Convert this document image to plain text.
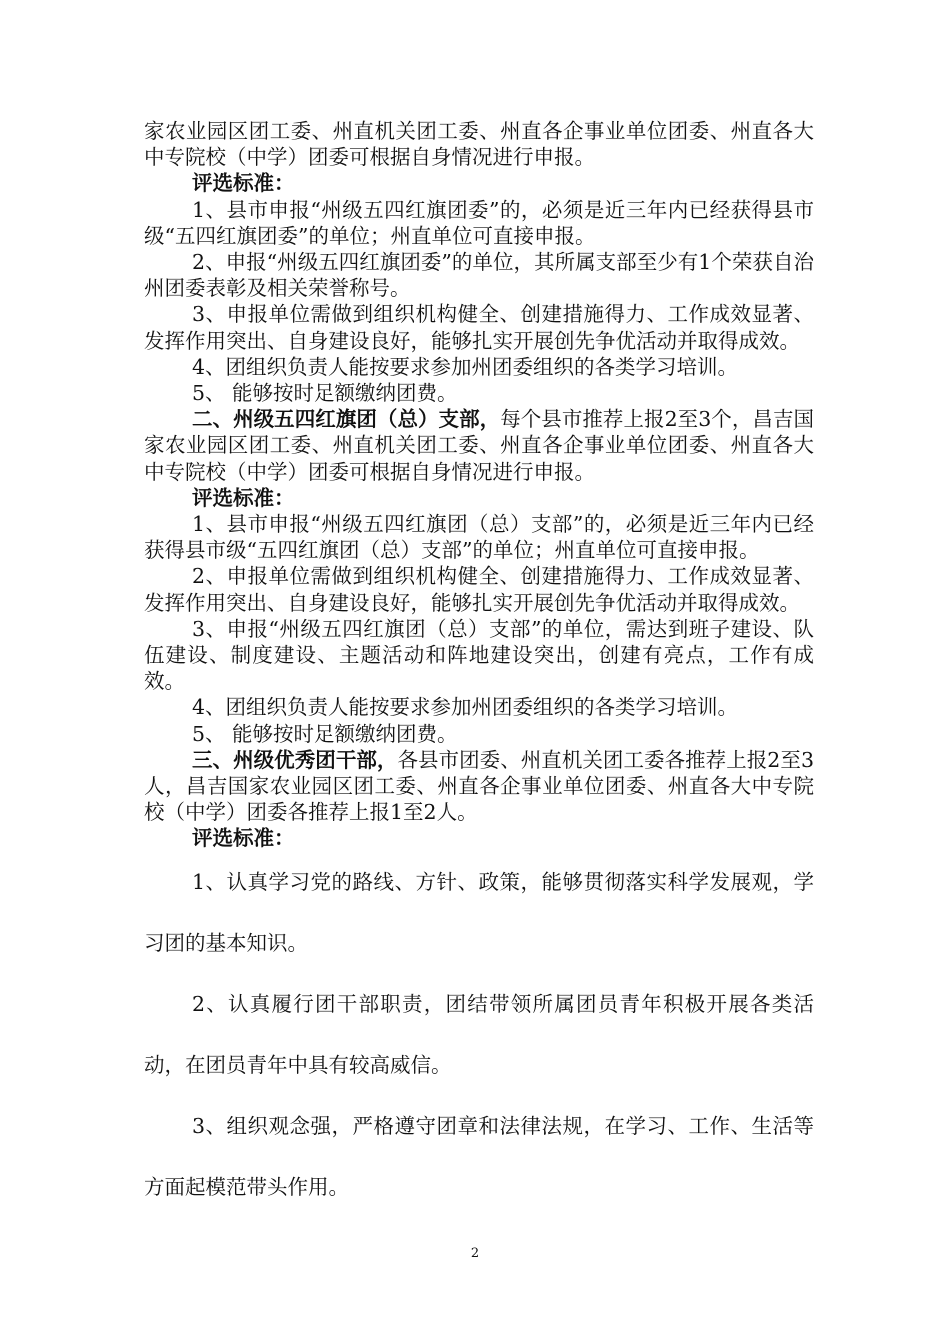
家农业园区团工委、州直机关团工委、州直各企事业单位团委、州直各大中专院校（中学）团委可根据自身情况进行申报。

评选标准：

1、县市申报“州级五四红旗团委”的，必须是近三年内已经获得县市级“五四红旗团委”的单位；州直单位可直接申报。

2、申报“州级五四红旗团委”的单位，其所属支部至少有1个荣获自治州团委表彰及相关荣誉称号。

3、申报单位需做到组织机构健全、创建措施得力、工作成效显著、发挥作用突出、自身建设良好，能够扎实开展创先争优活动并取得成效。

4、团组织负责人能按要求参加州团委组织的各类学习培训。

5、 能够按时足额缴纳团费。

二、州级五四红旗团（总）支部，每个县市推荐上报2至3个，昌吉国家农业园区团工委、州直机关团工委、州直各企事业单位团委、州直各大中专院校（中学）团委可根据自身情况进行申报。

评选标准：

1、县市申报“州级五四红旗团（总）支部”的，必须是近三年内已经获得县市级“五四红旗团（总）支部”的单位；州直单位可直接申报。

2、申报单位需做到组织机构健全、创建措施得力、工作成效显著、发挥作用突出、自身建设良好，能够扎实开展创先争优活动并取得成效。

3、申报“州级五四红旗团（总）支部”的单位，需达到班子建设、队伍建设、制度建设、主题活动和阵地建设突出，创建有亮点，工作有成效。

4、团组织负责人能按要求参加州团委组织的各类学习培训。

5、 能够按时足额缴纳团费。

三、州级优秀团干部，各县市团委、州直机关团工委各推荐上报2至3人，昌吉国家农业园区团工委、州直各企事业单位团委、州直各大中专院校（中学）团委各推荐上报1至2人。

评选标准：

1、认真学习党的路线、方针、政策，能够贯彻落实科学发展观，学习团的基本知识。

2、认真履行团干部职责，团结带领所属团员青年积极开展各类活动，在团员青年中具有较高威信。

3、组织观念强，严格遵守团章和法律法规，在学习、工作、生活等方面起模范带头作用。

2
